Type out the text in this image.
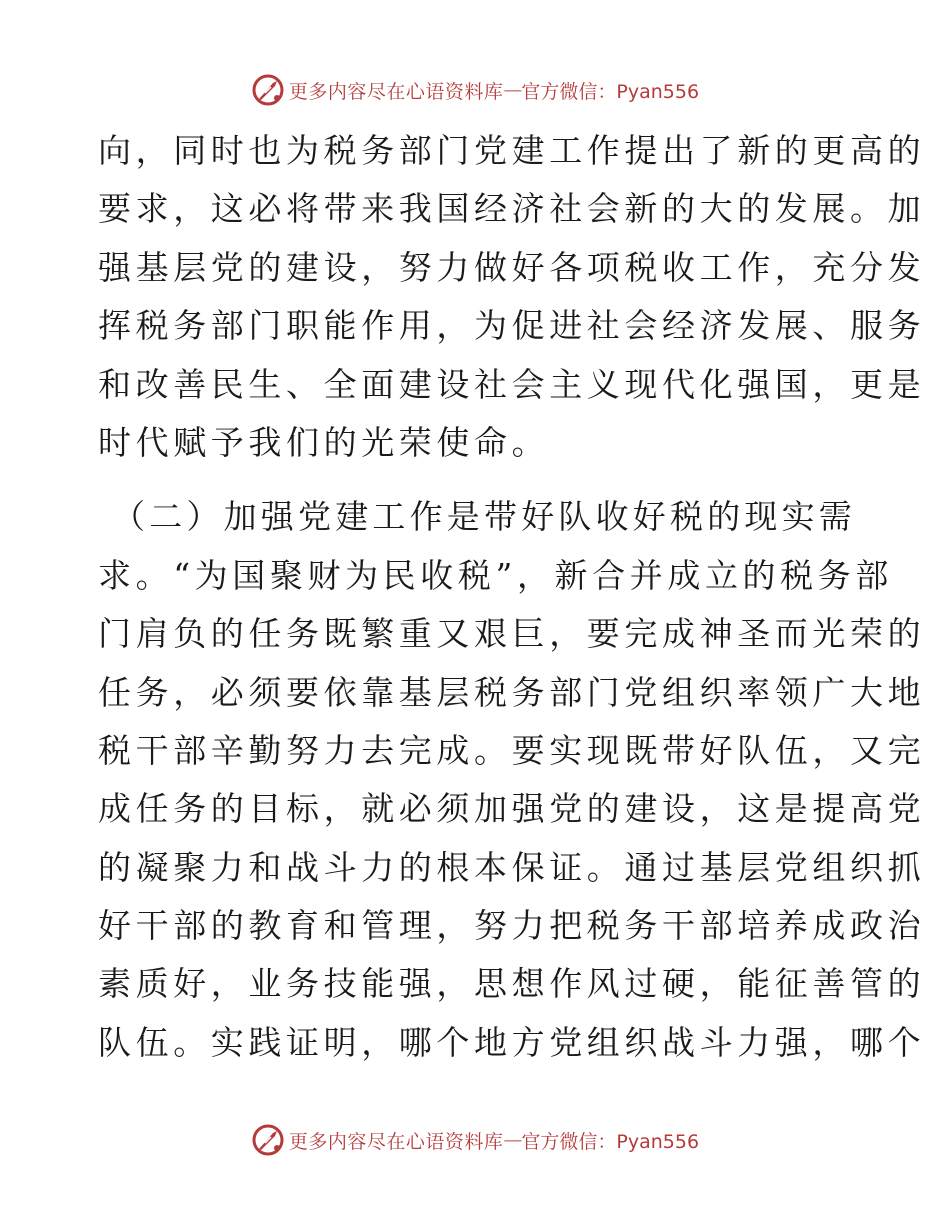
更多内容尽在心语资料库 — 官方微信：Pyan556
向，同时也为税务部门党建工作提出了新的更高的
要求，这必将带来我国经济社会新的大的发展。加
强基层党的建设，努力做好各项税收工作，充分发
挥税务部门职能作用，为促进社会经济发展、服务
和改善民生、全面建设社会主义现代化强国，更是
时代赋予我们的光荣使命。
（二）加强党建工作是带好队收好税的现实需
求。“为国聚财为民收税”，新合并成立的税务部
门肩负的任务既繁重又艰巨，要完成神圣而光荣的
任务，必须要依靠基层税务部门党组织率领广大地
税干部辛勤努力去完成。要实现既带好队伍，又完
成任务的目标，就必须加强党的建设，这是提高党
的凝聚力和战斗力的根本保证。通过基层党组织抓
好干部的教育和管理，努力把税务干部培养成政治
素质好，业务技能强，思想作风过硬，能征善管的
队伍。实践证明，哪个地方党组织战斗力强，哪个
更多内容尽在心语资料库 — 官方微信：Pyan556
